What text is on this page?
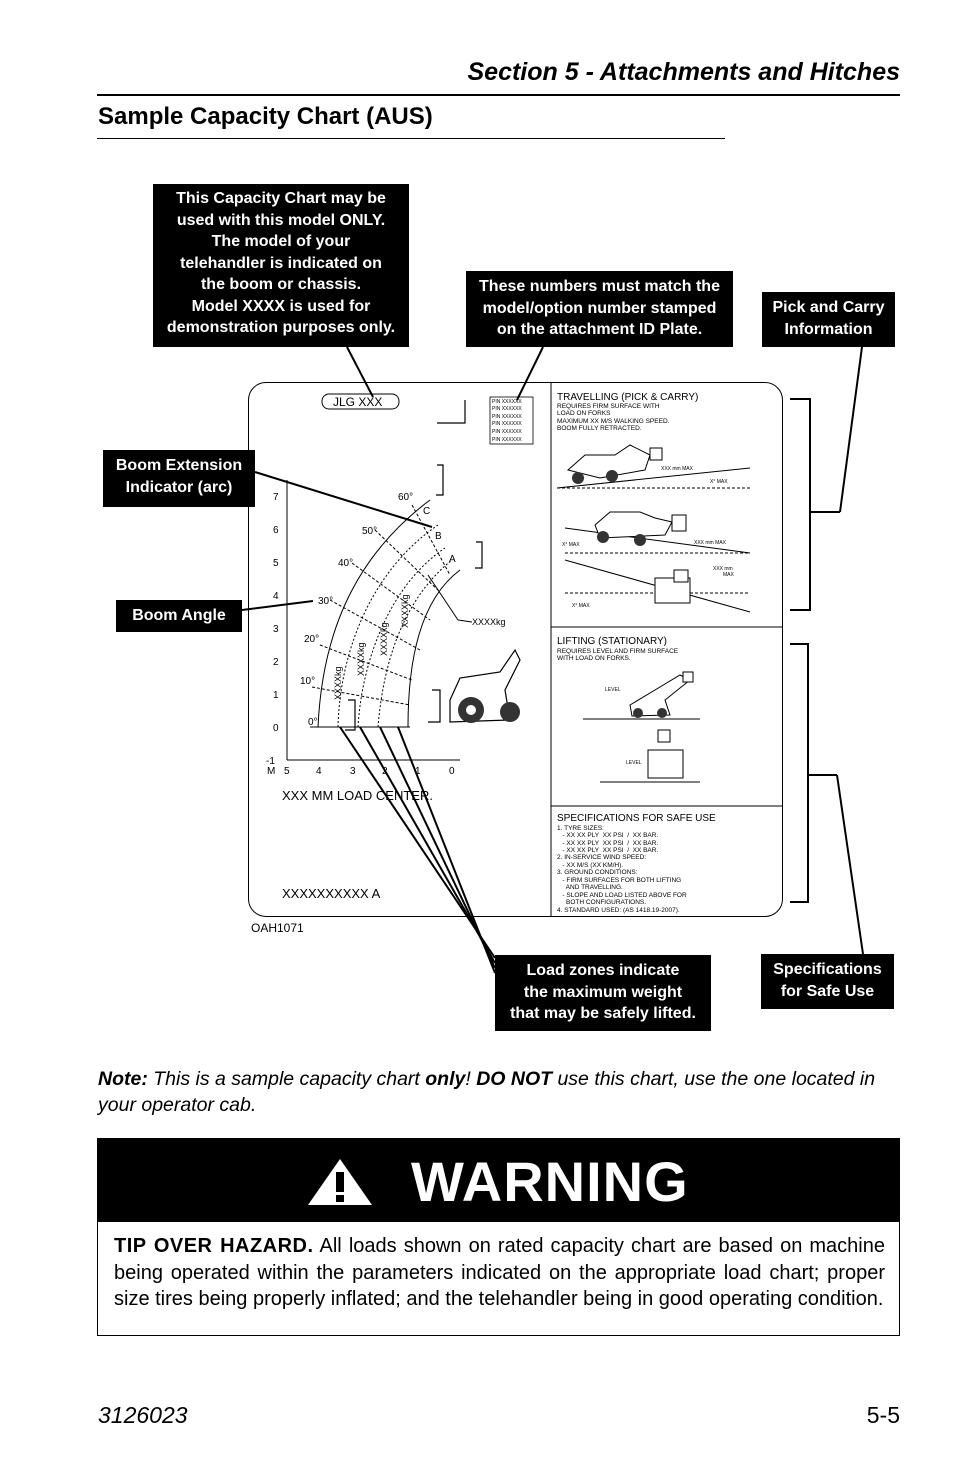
Section 5 - Attachments and Hitches
Sample Capacity Chart (AUS)
This Capacity Chart may be
used with this model ONLY.
The model of your
telehandler is indicated on
the boom or chassis.
Model XXXX is used for
demonstration purposes only.
These numbers must match the
model/option number stamped
on the attachment ID Plate.
Pick and Carry
Information
Boom Extension
Indicator (arc)
Boom Angle
Load zones indicate
the maximum weight
that may be safely lifted.
Specifications
for Safe Use
7
6
5
4
3
2
1
0
-1
M 5	4	3	2	1	0
60°
50°
40°
30°
20°
10°
0°
C
B
A
XXXXkg
XXXXkg
XXXXkg
XXXXkg
XXXXkg
JLG XXX	PIN XXXXXX
PIN XXXXXX
PIN XXXXXX
PIN XXXXXX
PIN XXXXXX
PIN XXXXXX
XXX MM LOAD CENTER.
XXXXXXXXXX A
OAH1071
TRAVELLING (PICK & CARRY)
REQUIRES FIRM SURFACE WITH
LOAD ON FORKS
MAXIMUM XX M/S WALKING SPEED.
BOOM FULLY RETRACTED.
XXX mm MAX
X° MAX
X° MAX	XXX mm MAX
XXX mm
MAX
X° MAX
LIFTING (STATIONARY)
REQUIRES LEVEL AND FIRM SURFACE
WITH LOAD ON FORKS.
LEVEL
LEVEL
SPECIFICATIONS FOR SAFE USE
1. TYRE SIZES:
- XX XX PLY  XX PSI  /  XX BAR.
- XX XX PLY  XX PSI  /  XX BAR.
- XX XX PLY  XX PSI  /  XX BAR.
2. IN-SERVICE WIND SPEED:
- XX M/S (XX KM/H).
3. GROUND CONDITIONS:
- FIRM SURFACES FOR BOTH LIFTING
AND TRAVELLING.
- SLOPE AND LOAD LISTED ABOVE FOR
BOTH CONFIGURATIONS.
4. STANDARD USED: (AS 1418.19-2007).
Note: This is a sample capacity chart only! DO NOT use this chart, use the one located in your operator cab.
WARNING
TIP OVER HAZARD. All loads shown on rated capacity chart are based on machine being operated within the parameters indicated on the appropriate load chart; proper size tires being properly inflated; and the telehandler being in good operating condition.
3126023	5-5
